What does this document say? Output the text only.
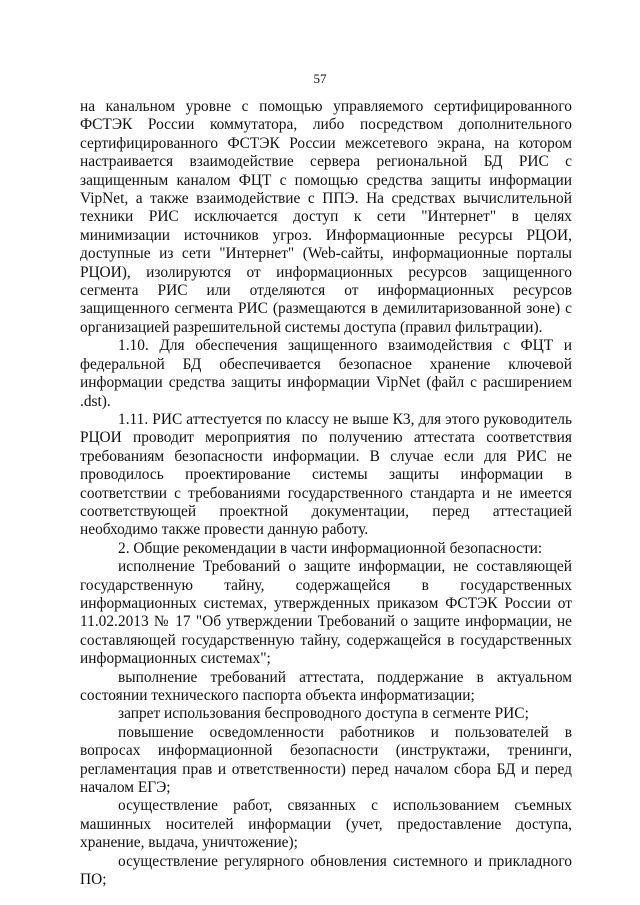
57

на канальном уровне с помощью управляемого сертифицированного ФСТЭК России коммутатора, либо посредством дополнительного сертифицированного ФСТЭК России межсетевого экрана, на котором настраивается взаимодействие сервера региональной БД РИС с защищенным каналом ФЦТ с помощью средства защиты информации VipNet, а также взаимодействие с ППЭ. На средствах вычислительной техники РИС исключается доступ к сети "Интернет" в целях минимизации источников угроз. Информационные ресурсы РЦОИ, доступные из сети "Интернет" (Web-сайты, информационные порталы РЦОИ), изолируются от информационных ресурсов защищенного сегмента РИС или отделяются от информационных ресурсов защищенного сегмента РИС (размещаются в демилитаризованной зоне) с организацией разрешительной системы доступа (правил фильтрации).

1.10. Для обеспечения защищенного взаимодействия с ФЦТ и федеральной БД обеспечивается безопасное хранение ключевой информации средства защиты информации VipNet (файл с расширением .dst).

1.11. РИС аттестуется по классу не выше К3, для этого руководитель РЦОИ проводит мероприятия по получению аттестата соответствия требованиям безопасности информации. В случае если для РИС не проводилось проектирование системы защиты информации в соответствии с требованиями государственного стандарта и не имеется соответствующей проектной документации, перед аттестацией необходимо также провести данную работу.

2. Общие рекомендации в части информационной безопасности:

исполнение Требований о защите информации, не составляющей государственную тайну, содержащейся в государственных информационных системах, утвержденных приказом ФСТЭК России от 11.02.2013 № 17 "Об утверждении Требований о защите информации, не составляющей государственную тайну, содержащейся в государственных информационных системах";

выполнение требований аттестата, поддержание в актуальном состоянии технического паспорта объекта информатизации;

запрет использования беспроводного доступа в сегменте РИС;

повышение осведомленности работников и пользователей в вопросах информационной безопасности (инструктажи, тренинги, регламентация прав и ответственности) перед началом сбора БД и перед началом ЕГЭ;

осуществление работ, связанных с использованием съемных машинных носителей информации (учет, предоставление доступа, хранение, выдача, уничтожение);

осуществление регулярного обновления системного и прикладного ПО;
